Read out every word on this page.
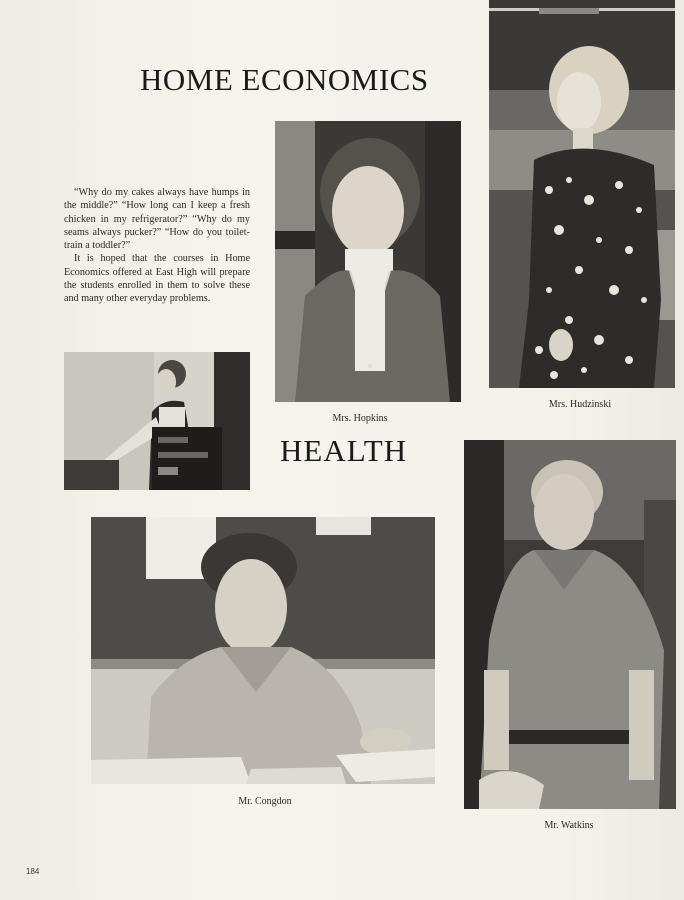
HOME ECONOMICS

“Why do my cakes always have humps in the middle?” “How long can I keep a fresh chicken in my refrigerator?” “Why do my seams always pucker?” “How do you toilet-train a toddler?”

It is hoped that the courses in Home Economics offered at East High will prepare the students enrolled in them to solve these and many other everyday problems.

Mrs. Hopkins
Mrs. Hudzinski
HEALTH
Mr. Congdon
Mr. Watkins
184
